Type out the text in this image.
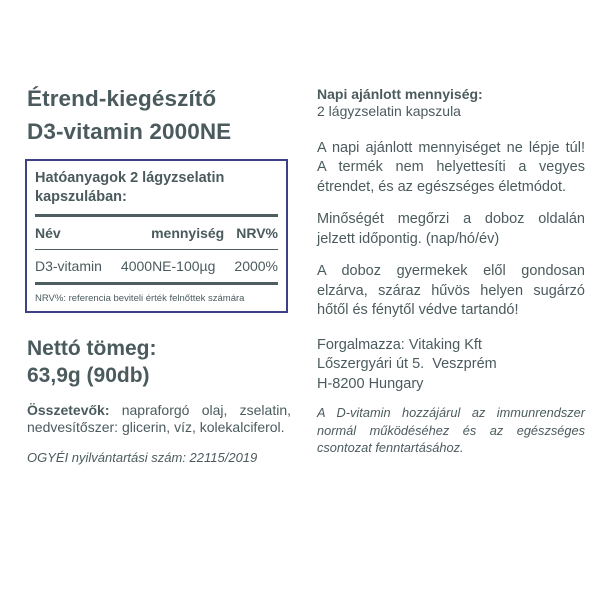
Étrend-kiegészítő
D3-vitamin 2000NE
Hatóanyagok 2 lágyzselatin kapszulában:
Név	mennyiség NRV%
D3-vitamin 4000NE-100µg 2000%
NRV%: referencia beviteli érték felnőttek számára
Nettó tömeg:
63,9g (90db)
Összetevők: napraforgó olaj, zselatin, nedvesítőszer: glicerin, víz, kolekalciferol.
OGYÉI nyilvántartási szám: 22115/2019
Napi ajánlott mennyiség:
2 lágyzselatin kapszula
A napi ajánlott mennyiséget ne lépje túl! A termék nem helyettesíti a vegyes étrendet, és az egészséges életmódot.
Minőségét megőrzi a doboz oldalán jelzett időpontig. (nap/hó/év)
A doboz gyermekek elől gondosan elzárva, száraz hűvös helyen sugárzó hőtől és fénytől védve tartandó!
Forgalmazza: Vitaking Kft
Lőszergyári út 5.  Veszprém
H-8200 Hungary
A D-vitamin hozzájárul az immunrendszer normál működéséhez és az egészséges csontozat fenntartásához.
